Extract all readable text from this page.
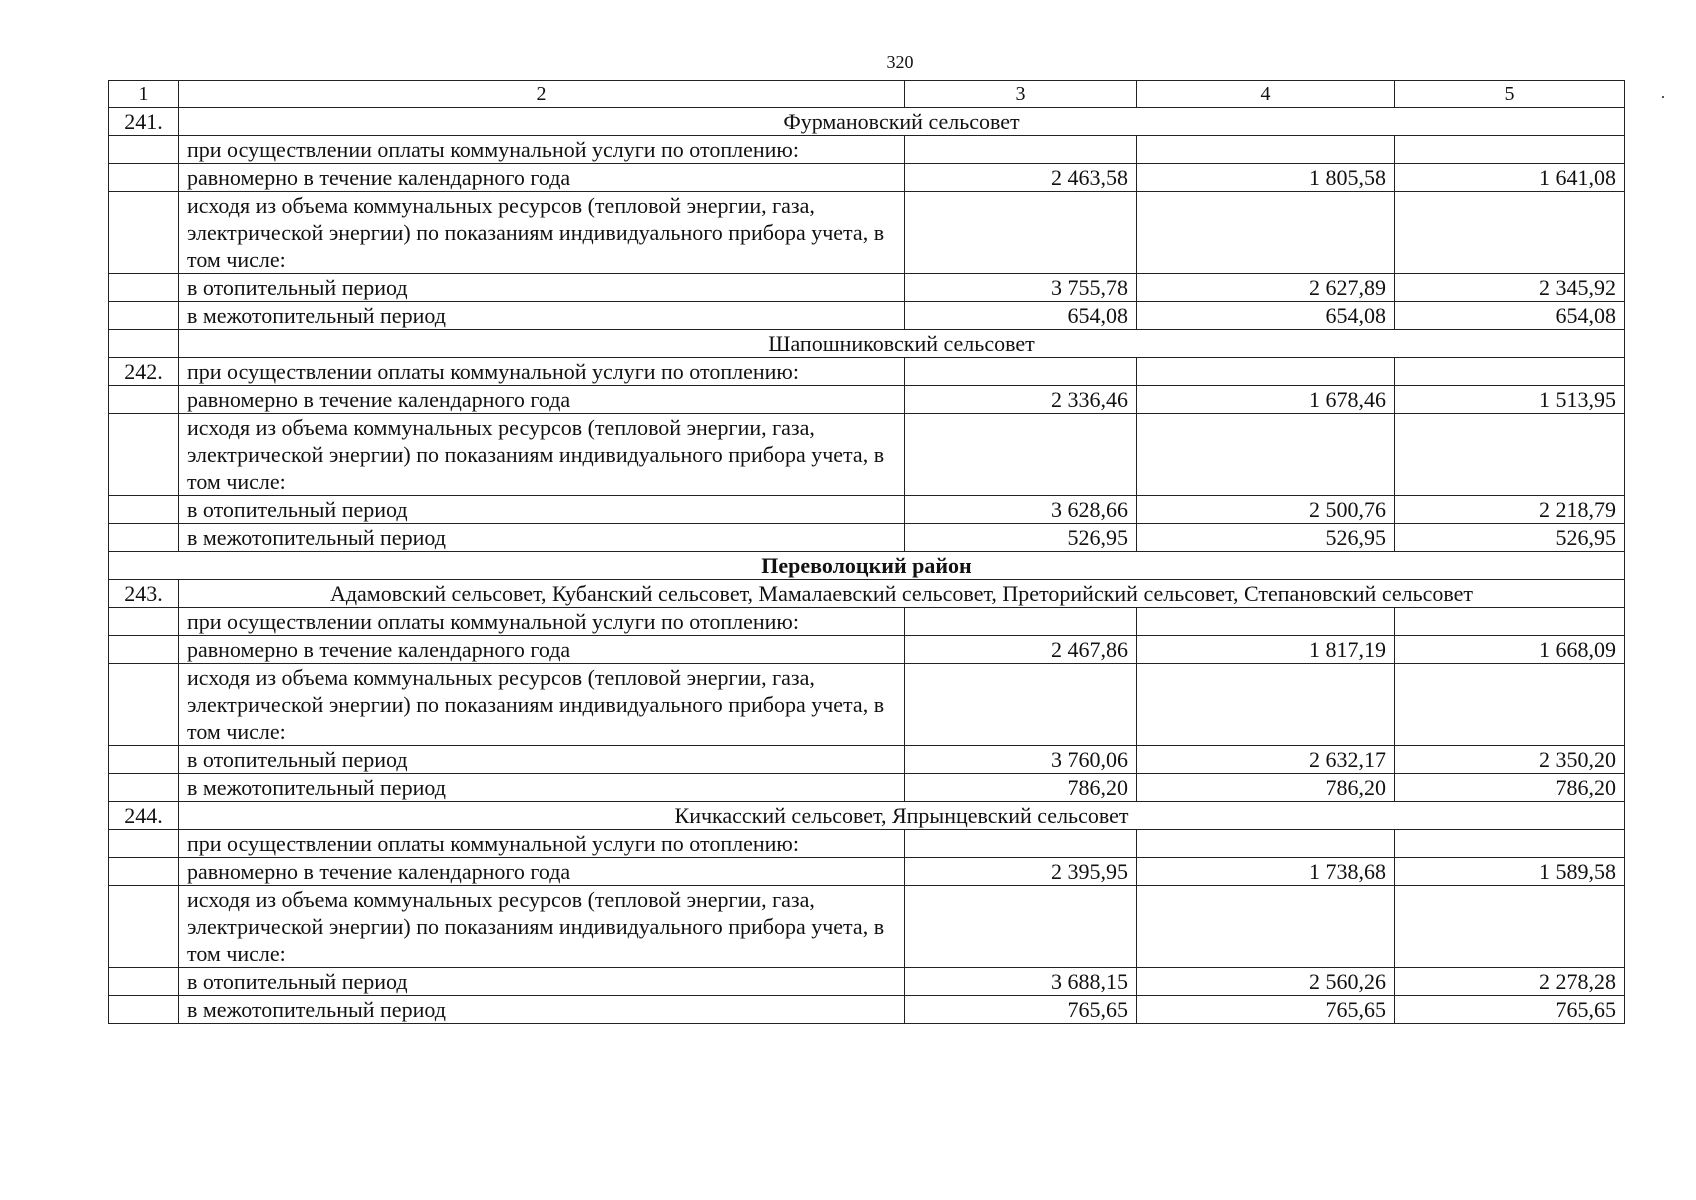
320
1	2	3	4	5
241.	Фурмановский сельсовет			
	при осуществлении оплаты коммунальной услуги по отоплению:			
	равномерно в течение календарного года	2 463,58	1 805,58	1 641,08
	исходя из объема коммунальных ресурсов (тепловой энергии, газа, электрической энергии) по показаниям индивидуального прибора учета, в том числе:			
	в отопительный период	3 755,78	2 627,89	2 345,92
	в межотопительный период	654,08	654,08	654,08
	Шапошниковский сельсовет			
242.	при осуществлении оплаты коммунальной услуги по отоплению:			
	равномерно в течение календарного года	2 336,46	1 678,46	1 513,95
	исходя из объема коммунальных ресурсов (тепловой энергии, газа, электрической энергии) по показаниям индивидуального прибора учета, в том числе:			
	в отопительный период	3 628,66	2 500,76	2 218,79
	в межотопительный период	526,95	526,95	526,95
Переволоцкий район				
243.	Адамовский сельсовет, Кубанский сельсовет, Мамалаевский сельсовет, Преторийский сельсовет, Степановский сельсовет			
	при осуществлении оплаты коммунальной услуги по отоплению:			
	равномерно в течение календарного года	2 467,86	1 817,19	1 668,09
	исходя из объема коммунальных ресурсов (тепловой энергии, газа, электрической энергии) по показаниям индивидуального прибора учета, в том числе:			
	в отопительный период	3 760,06	2 632,17	2 350,20
	в межотопительный период	786,20	786,20	786,20
244.	Кичкасский сельсовет, Япрынцевский сельсовет			
	при осуществлении оплаты коммунальной услуги по отоплению:			
	равномерно в течение календарного года	2 395,95	1 738,68	1 589,58
	исходя из объема коммунальных ресурсов (тепловой энергии, газа, электрической энергии) по показаниям индивидуального прибора учета, в том числе:			
	в отопительный период	3 688,15	2 560,26	2 278,28
	в межотопительный период	765,65	765,65	765,65
